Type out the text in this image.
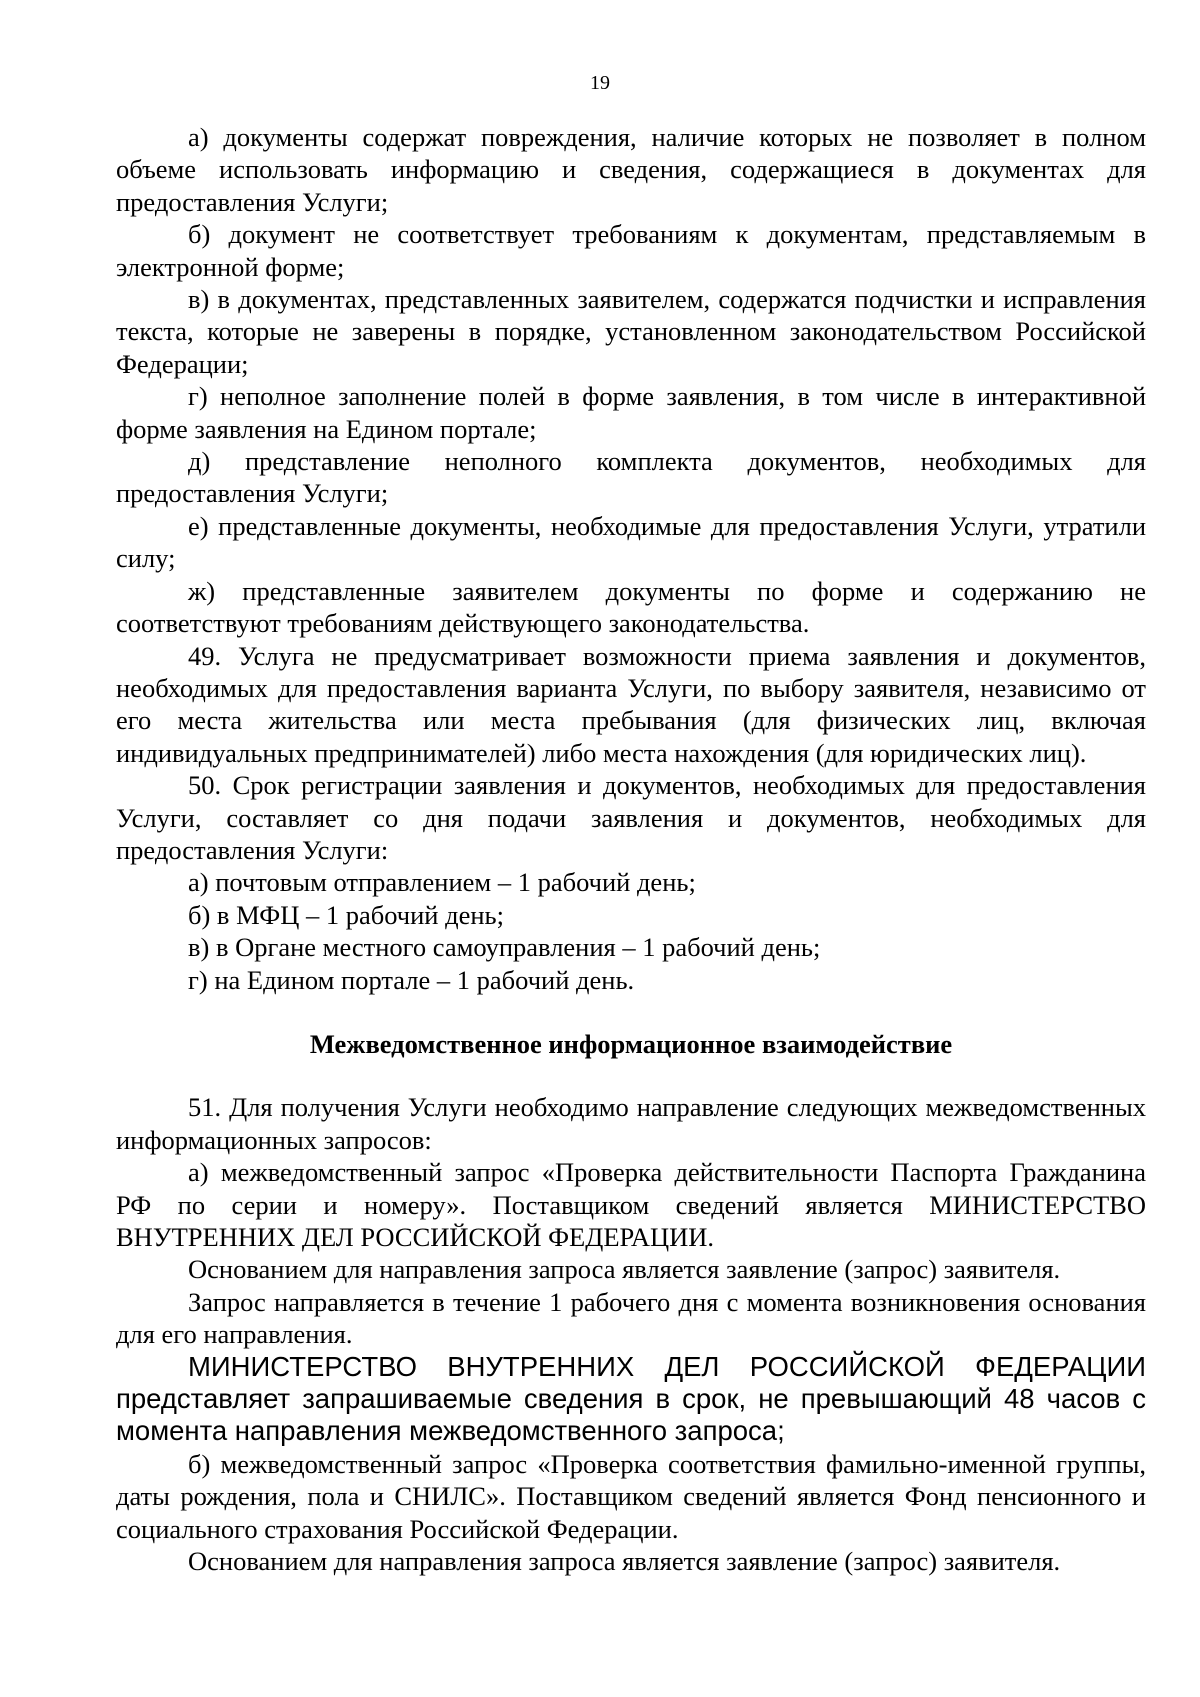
19

а) документы содержат повреждения, наличие которых не позволяет в полном объеме использовать информацию и сведения, содержащиеся в документах для предоставления Услуги;

б) документ не соответствует требованиям к документам, представляемым в электронной форме;

в) в документах, представленных заявителем, содержатся подчистки и исправления текста, которые не заверены в порядке, установленном законодательством Российской Федерации;

г) неполное заполнение полей в форме заявления, в том числе в интерактивной форме заявления на Едином портале;

д) представление неполного комплекта документов, необходимых для предоставления Услуги;

е) представленные документы, необходимые для предоставления Услуги, утратили силу;

ж) представленные заявителем документы по форме и содержанию не соответствуют требованиям действующего законодательства.

49. Услуга не предусматривает возможности приема заявления и документов, необходимых для предоставления варианта Услуги, по выбору заявителя, независимо от его места жительства или места пребывания (для физических лиц, включая индивидуальных предпринимателей) либо места нахождения (для юридических лиц).

50. Срок регистрации заявления и документов, необходимых для предоставления Услуги, составляет со дня подачи заявления и документов, необходимых для предоставления Услуги:

а) почтовым отправлением – 1 рабочий день;

б) в МФЦ – 1 рабочий день;

в) в Органе местного самоуправления – 1 рабочий день;

г) на Едином портале – 1 рабочий день.

Межведомственное информационное взаимодействие

51. Для получения Услуги необходимо направление следующих межведомственных информационных запросов:

а) межведомственный запрос «Проверка действительности Паспорта Гражданина РФ по серии и номеру». Поставщиком сведений является МИНИСТЕРСТВО ВНУТРЕННИХ ДЕЛ РОССИЙСКОЙ ФЕДЕРАЦИИ.

Основанием для направления запроса является заявление (запрос) заявителя.

Запрос направляется в течение 1 рабочего дня с момента возникновения основания для его направления.

МИНИСТЕРСТВО ВНУТРЕННИХ ДЕЛ РОССИЙСКОЙ ФЕДЕРАЦИИ представляет запрашиваемые сведения в срок, не превышающий 48 часов с момента направления межведомственного запроса;

б) межведомственный запрос «Проверка соответствия фамильно-именной группы, даты рождения, пола и СНИЛС». Поставщиком сведений является Фонд пенсионного и социального страхования Российской Федерации.

Основанием для направления запроса является заявление (запрос) заявителя.
